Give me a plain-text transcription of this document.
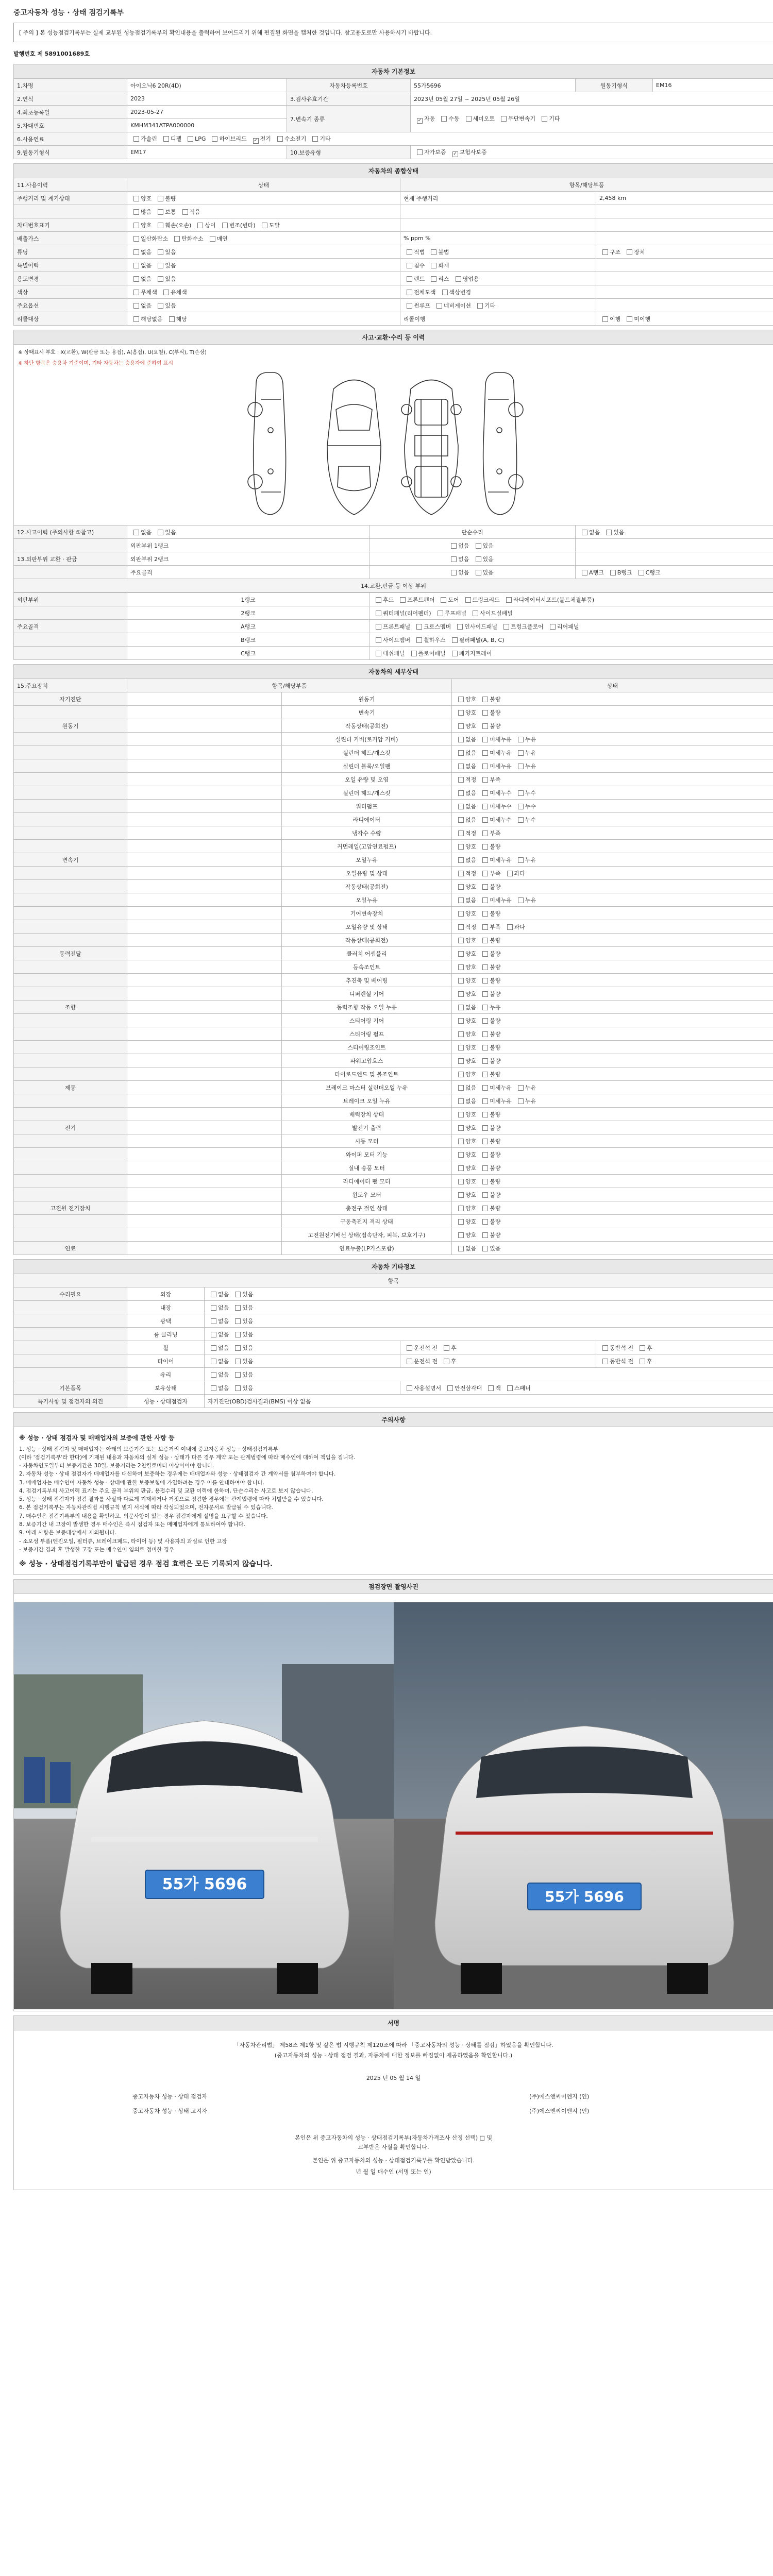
중고자동차 성능 · 상태 점검기록부
[ 주의 ] 본 성능점검기록부는 실제 교부된 성능점검기록부의 확인내용을 출력하여 보여드리기 위해 편집된 화면을 캡처한 것입니다. 참고용도로만 사용하시기 바랍니다.
발행번호 제 5891001689호
자동차 기본정보					
1.차명	아이오닉6 20R(4D)	자동차등록번호	55가5696	원동기형식	EM16
2.연식	2023	3.검사유효기간	2023년 05월 27일 ~ 2025년 05월 26일		
4.최초등록일	2023-05-27	7.변속기 종류	✓자동 수동 세미오토 무단변속기 기타
5.차대번호	KMHM341ATPA000000				
6.사용연료	가솔린 디젤 LPG 하이브리드 ✓ 전기 수소전기 기타
9.원동기형식	EM17	10.보증유형	자가보증 ✓ 보험사보증
자동차의 종합상태			
11.사용이력	상태	항목/해당부품	
주행거리 및 계기상태	양호 불량	현재 주행거리	2,458 km
	많음 보통 적음		
차대번호표기	양호 훼손(오손) 상이 변조(변타) 도말		
배출가스	일산화탄소 탄화수소 매연	% ppm %	
튜닝	없음 있음	적법 불법	구조 장치
특별이력	없음 있음	침수 화재	
용도변경	없음 있음	렌트 리스 영업용	
색상	무채색 유채색	전체도색 색상변경	
주요옵션	없음 있음	썬루프 네비게이션 기타	
리콜대상	해당없음 해당	리콜이행	이행 미이행
사고·교환·수리 등 이력
※ 상태표시 부호 : X(교환), W(판금 또는 용접), A(흠집), U(요철), C(부식), T(손상)
※ 하단 항목은 승용차 기준이며, 기타 자동차는 승용자에 준하여 표시
12.사고이력 (주의사항 ①참고)	없음 있음	단순수리	없음 있음
	외판부위 1랭크	없음 있음	
13.외판부위 교환 · 판금	외판부위 2랭크	없음 있음	
	주요골격	없음 있음	A랭크 B랭크 C랭크
14.교환,판금 등 이상 부위			
외판부위	1랭크	후드 프론트펜더 도어 트렁크리드 라디에이터서포트(볼트체결부품)
	2랭크	쿼터패널(리어펜더) 루프패널 사이드실패널
주요골격	A랭크	프론트패널 크로스멤버 인사이드패널 트렁크플로어 리어패널
	B랭크	사이드멤버 휠하우스 필러패널(A, B, C)
	C랭크	대쉬패널 플로어패널 패키지트레이
자동차의 세부상태			
15.주요장치	항목/해당부품		상태
자기진단		원동기	양호 불량
		변속기	양호 불량
원동기		작동상태(공회전)	양호 불량
		실린더 커버(로커암 커버)	없음 미세누유 누유
		실린더 헤드/개스킷	없음 미세누유 누유
		실린더 블록/오일팬	없음 미세누유 누유
		오일 유량 및 오염	적정 부족
		실린더 헤드/개스킷	없음 미세누수 누수
		워터펌프	없음 미세누수 누수
		라디에이터	없음 미세누수 누수
		냉각수 수량	적정 부족
		커먼레일(고압연료펌프)	양호 불량
변속기		오일누유	없음 미세누유 누유
		오일유량 및 상태	적정 부족 과다
		작동상태(공회전)	양호 불량
		오일누유	없음 미세누유 누유
		기어변속장치	양호 불량
		오일유량 및 상태	적정 부족 과다
		작동상태(공회전)	양호 불량
동력전달		클러치 어셈블리	양호 불량
		등속조인트	양호 불량
		추진축 및 베어링	양호 불량
		디퍼렌셜 기어	양호 불량
조향		동력조향 작동 오일 누유	없음 누유
		스티어링 기어	양호 불량
		스티어링 펌프	양호 불량
		스티어링조인트	양호 불량
		파워고압호스	양호 불량
		타이로드엔드 및 볼조인트	양호 불량
제동		브레이크 마스터 실린더오일 누유	없음 미세누유 누유
		브레이크 오일 누유	없음 미세누유 누유
		배력장치 상태	양호 불량
전기		발전기 출력	양호 불량
		시동 모터	양호 불량
		와이퍼 모터 기능	양호 불량
		실내 송풍 모터	양호 불량
		라디에이터 팬 모터	양호 불량
		윈도우 모터	양호 불량
고전원 전기장치		충전구 절연 상태	양호 불량
		구동축전지 격리 상태	양호 불량
		고전원전기배선 상태(접속단자, 피복, 보호기구)	양호 불량
연료		연료누출(LP가스포함)	없음 있음
자동차 기타정보				
항목				
수리필요	외장	없음 있음		
	내장	없음 있음		
	광택	없음 있음		
	룸 클리닝	없음 있음		
	휠	없음 있음	운전석 전 후	동반석 전 후
	타이어	없음 있음	운전석 전 후	동반석 전 후
	유리	없음 있음		
기본품목	보유상태	없음 있음	사용설명서 안전삼각대 잭 스패너	
특기사항 및 점검자의 의견	성능 · 상태점검자	자기진단(OBD)검사결과(BMS) 이상 없음		
주의사항
※ 성능 · 상태 점검자 및 매매업자의 보증에 관한 사항 등
1. 성능 · 상태 점검자 및 매매업자는 아래의 보증기간 또는 보증거리 이내에 중고자동차 성능 · 상태점검기록부
(이하 '점검기록부'라 한다)에 기재된 내용과 자동차의 실제 성능 · 상태가 다른 경우 계약 또는 관계법령에 따라 매수인에 대하여 책임을 집니다.
- 자동차인도일부터 보증기간은 30일, 보증거리는 2천킬로미터 이상이어야 합니다.
2. 자동차 성능 · 상태 점검자가 매매업자를 대신하여 보증하는 경우에는 매매업자와 성능 · 상태점검자 간 계약서를 첨부하여야 합니다.
3. 매매업자는 매수인이 자동차 성능 · 상태에 관한 보증보험에 가입하려는 경우 이를 안내하여야 합니다.
4. 점검기록부의 사고이력 표기는 주요 골격 부위의 판금, 용접수리 및 교환 이력에 한하며, 단순수리는 사고로 보지 않습니다.
5. 성능 · 상태 점검자가 점검 결과를 사실과 다르게 기재하거나 거짓으로 점검한 경우에는 관계법령에 따라 처벌받을 수 있습니다.
6. 본 점검기록부는 자동차관리법 시행규칙 별지 서식에 따라 작성되었으며, 전자문서로 발급될 수 있습니다.
7. 매수인은 점검기록부의 내용을 확인하고, 의문사항이 있는 경우 점검자에게 설명을 요구할 수 있습니다.
8. 보증기간 내 고장이 발생한 경우 매수인은 즉시 점검자 또는 매매업자에게 통보하여야 합니다.
9. 아래 사항은 보증대상에서 제외됩니다.
- 소모성 부품(엔진오일, 필터류, 브레이크패드, 타이어 등) 및 사용자의 과실로 인한 고장
- 보증기간 경과 후 발생한 고장 또는 매수인이 임의로 정비한 경우
※ 성능 · 상태점검기록부만이 발급된 경우 점검 효력은 모든 기록되지 않습니다.
점검장면 촬영사진
55가 5696
55가 5696
서명
「자동차관리법」 제58조 제1항 및 같은 법 시행규칙 제120조에 따라 「중고자동차의 성능 · 상태를 점검」하였음을 확인합니다.
(중고자동차의 성능 · 상태 점검 결과, 자동차에 대한 정보를 빠짐없이 제공하였음을 확인합니다.)
2025 년 05 월 14 일
중고자동차 성능 · 상태 점검자	(주)에스앤씨이엔지 (인)
중고자동차 성능 · 상태 고지자	(주)에스앤씨이엔지 (인)
본인은 위 중고자동차의 성능 · 상태점검기록부(자동차가격조사 산정 선택) □ 및
교부받은 사실을 확인합니다.
본인은 위 중고자동차의 성능 · 상태점검기록부를 확인받았습니다.
년 월 일 매수인 (서명 또는 인)
